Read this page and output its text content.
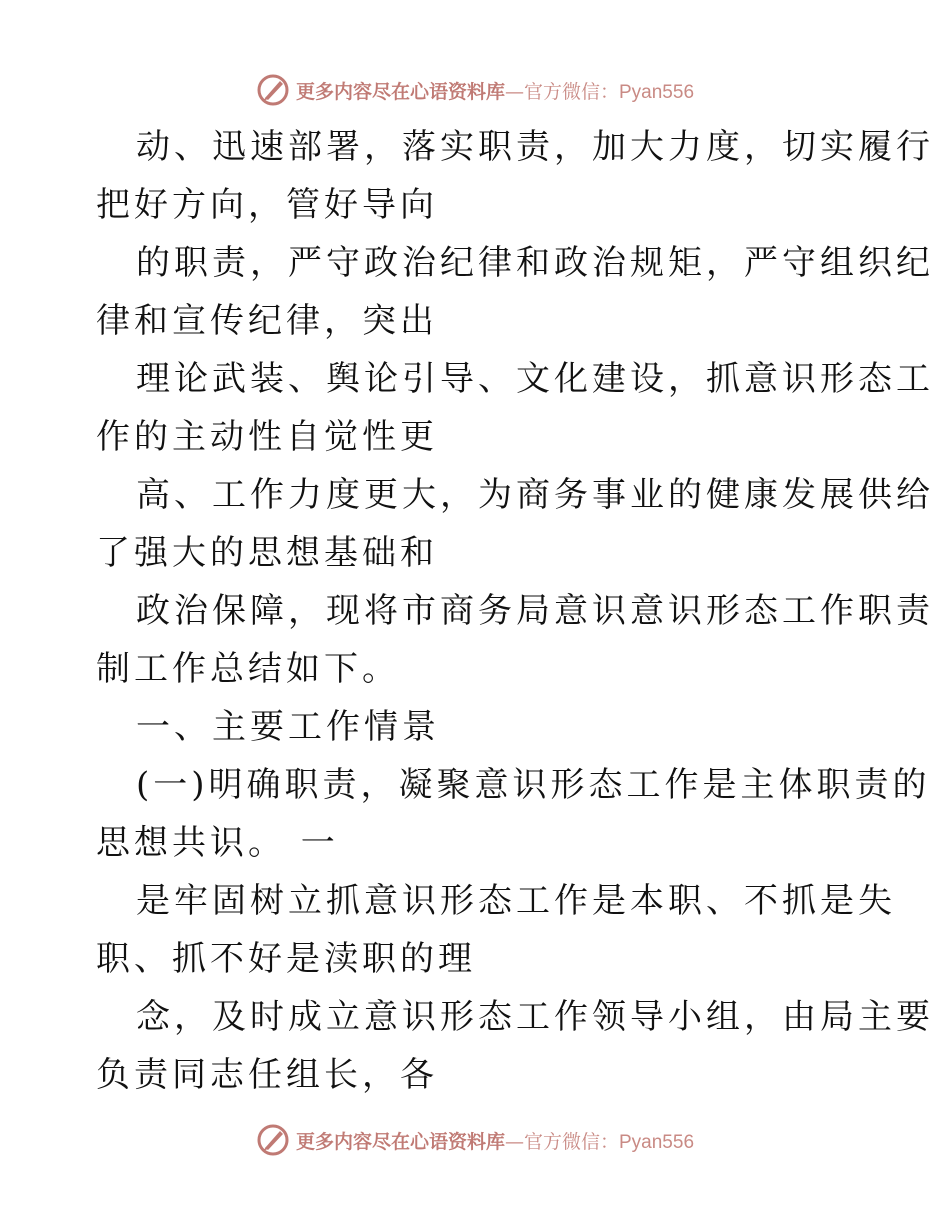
更多内容尽在心语资料库—官方微信：Pyan556
动、迅速部署，落实职责，加大力度，切实履行
把好方向，管好导向
的职责，严守政治纪律和政治规矩，严守组织纪
律和宣传纪律，突出
理论武装、舆论引导、文化建设，抓意识形态工
作的主动性自觉性更
高、工作力度更大，为商务事业的健康发展供给
了强大的思想基础和
政治保障，现将市商务局意识意识形态工作职责
制工作总结如下。
一、主要工作情景
(一)明确职责，凝聚意识形态工作是主体职责的
思想共识。 一
是牢固树立抓意识形态工作是本职、不抓是失
职、抓不好是渎职的理
念，及时成立意识形态工作领导小组，由局主要
负责同志任组长，各
更多内容尽在心语资料库—官方微信：Pyan556
